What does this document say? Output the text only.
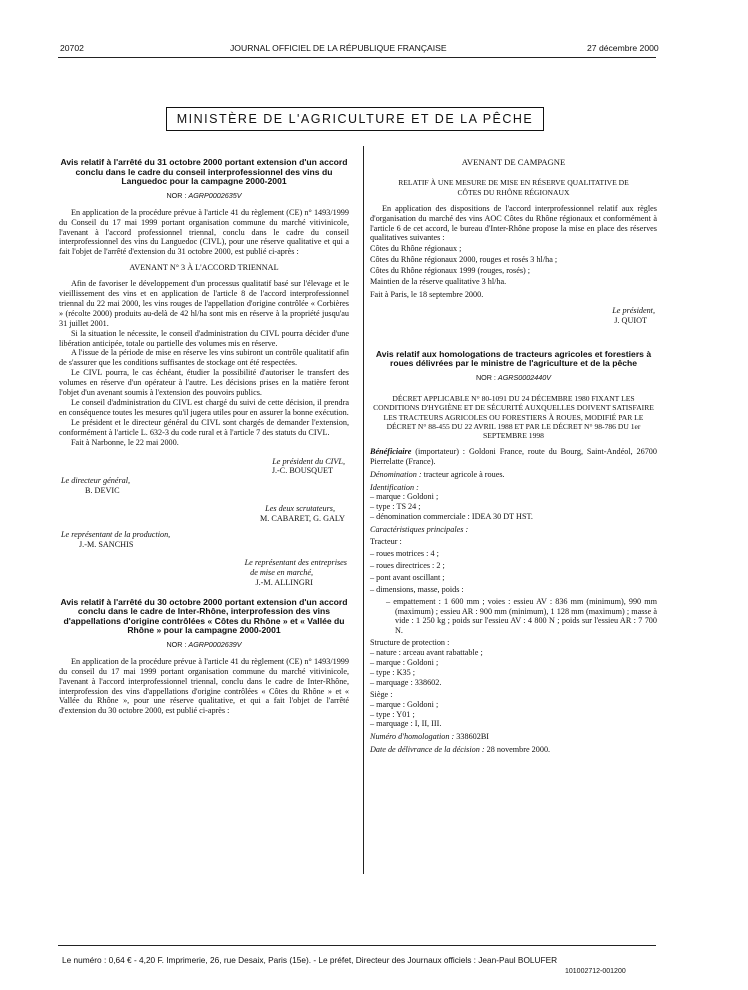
20702	JOURNAL OFFICIEL DE LA RÉPUBLIQUE FRANÇAISE	27 décembre 2000
MINISTÈRE DE L'AGRICULTURE ET DE LA PÊCHE

Avis relatif à l'arrêté du 31 octobre 2000 portant extension d'un accord conclu dans le cadre du conseil interprofessionnel des vins du Languedoc pour la campagne 2000-2001

NOR : AGRP0002635V

En application de la procédure prévue à l'article 41 du règlement (CE) n° 1493/1999 du Conseil du 17 mai 1999 portant organisation commune du marché vitivinicole, l'avenant à l'accord professionnel triennal, conclu dans le cadre du conseil interprofessionnel des vins du Languedoc (CIVL), pour une réserve qualitative et qui a fait l'objet de l'arrêté d'extension du 31 octobre 2000, est publié ci-après :

AVENANT N° 3 À L'ACCORD TRIENNAL

Afin de favoriser le développement d'un processus qualitatif basé sur l'élevage et le vieillissement des vins et en application de l'article 8 de l'accord interprofessionnel triennal du 22 mai 2000, les vins rouges de l'appellation d'origine contrôlée « Corbières » (récolte 2000) produits au-delà de 42 hl/ha sont mis en réserve à la propriété jusqu'au 31 juillet 2001.

Si la situation le nécessite, le conseil d'administration du CIVL pourra décider d'une libération anticipée, totale ou partielle des volumes mis en réserve.

A l'issue de la période de mise en réserve les vins subiront un contrôle qualitatif afin de s'assurer que les conditions suffisantes de stockage ont été respectées.

Le CIVL pourra, le cas échéant, étudier la possibilité d'autoriser le transfert des volumes en réserve d'un opérateur à l'autre. Les décisions prises en la matière feront l'objet d'un avenant soumis à l'extension des pouvoirs publics.

Le conseil d'administration du CIVL est chargé du suivi de cette décision, il prendra en conséquence toutes les mesures qu'il jugera utiles pour en assurer la bonne exécution.

Le président et le directeur général du CIVL sont chargés de demander l'extension, conformément à l'article L. 632-3 du code rural et à l'article 7 des statuts du CIVL.

Fait à Narbonne, le 22 mai 2000.

Le président du CIVL,

J.-C. BOUSQUET

Le directeur général,

B. DEVIC

Les deux scrutateurs,

M. CABARET, G. GALY

Le représentant de la production,

J.-M. SANCHIS

Le représentant des entreprises

de mise en marché,

J.-M. ALLINGRI

Avis relatif à l'arrêté du 30 octobre 2000 portant extension d'un accord conclu dans le cadre de Inter-Rhône, interprofession des vins d'appellations d'origine contrôlées « Côtes du Rhône » et « Vallée du Rhône » pour la campagne 2000-2001

NOR : AGRP0002639V

En application de la procédure prévue à l'article 41 du règlement (CE) n° 1493/1999 du conseil du 17 mai 1999 portant organisation commune du marché vitivinicole, l'avenant à l'accord interprofessionnel triennal, conclu dans le cadre de Inter-Rhône, interprofession des vins d'appellations d'origine contrôlées « Côtes du Rhône » et « Vallée du Rhône », pour une réserve qualitative, et qui a fait l'objet de l'arrêté d'extension du 30 octobre 2000, est publié ci-après :

AVENANT DE CAMPAGNE

RELATIF À UNE MESURE DE MISE EN RÉSERVE QUALITATIVE DE CÔTES DU RHÔNE RÉGIONAUX

En application des dispositions de l'accord interprofessionnel relatif aux règles d'organisation du marché des vins AOC Côtes du Rhône régionaux et conformément à l'article 6 de cet accord, le bureau d'Inter-Rhône propose la mise en place des réserves qualitatives suivantes :

Côtes du Rhône régionaux ;

Côtes du Rhône régionaux 2000, rouges et rosés 3 hl/ha ;

Côtes du Rhône régionaux 1999 (rouges, rosés) ;

Maintien de la réserve qualitative 3 hl/ha.

Fait à Paris, le 18 septembre 2000.

Le président,

J. QUIOT

Avis relatif aux homologations de tracteurs agricoles et forestiers à roues délivrées par le ministre de l'agriculture et de la pêche

NOR : AGRS0002440V

DÉCRET APPLICABLE N° 80-1091 DU 24 DÉCEMBRE 1980 FIXANT LES CONDITIONS D'HYGIÈNE ET DE SÉCURITÉ AUXQUELLES DOIVENT SATISFAIRE LES TRACTEURS AGRICOLES OU FORESTIERS À ROUES, MODIFIÉ PAR LE DÉCRET N° 88-455 DU 22 AVRIL 1988 ET PAR LE DÉCRET N° 98-786 DU 1er SEPTEMBRE 1998

Bénéficiaire (importateur) : Goldoni France, route du Bourg, Saint-Andéol, 26700 Pierrelatte (France).

Dénomination : tracteur agricole à roues.

Identification :

– marque : Goldoni ;

– type : TS 24 ;

– dénomination commerciale : IDEA 30 DT HST.

Caractéristiques principales :

Tracteur :

– roues motrices : 4 ;

– roues directrices : 2 ;

– pont avant oscillant ;

– dimensions, masse, poids :

– empattement : 1 600 mm ; voies : essieu AV : 836 mm (minimum), 990 mm (maximum) ; essieu AR : 900 mm (minimum), 1 128 mm (maximum) ; masse à vide : 1 250 kg ; poids sur l'essieu AV : 4 800 N ; poids sur l'essieu AR : 7 700 N.

Structure de protection :

– nature : arceau avant rabattable ;

– marque : Goldoni ;

– type : K35 ;

– marquage : 338602.

Siège :

– marque : Goldoni ;

– type : Y01 ;

– marquage : I, II, III.

Numéro d'homologation : 338602BI

Date de délivrance de la décision : 28 novembre 2000.

Le numéro : 0,64 € - 4,20 F. Imprimerie, 26, rue Desaix, Paris (15e). - Le préfet, Directeur des Journaux officiels : Jean-Paul BOLUFER
101002712-001200
